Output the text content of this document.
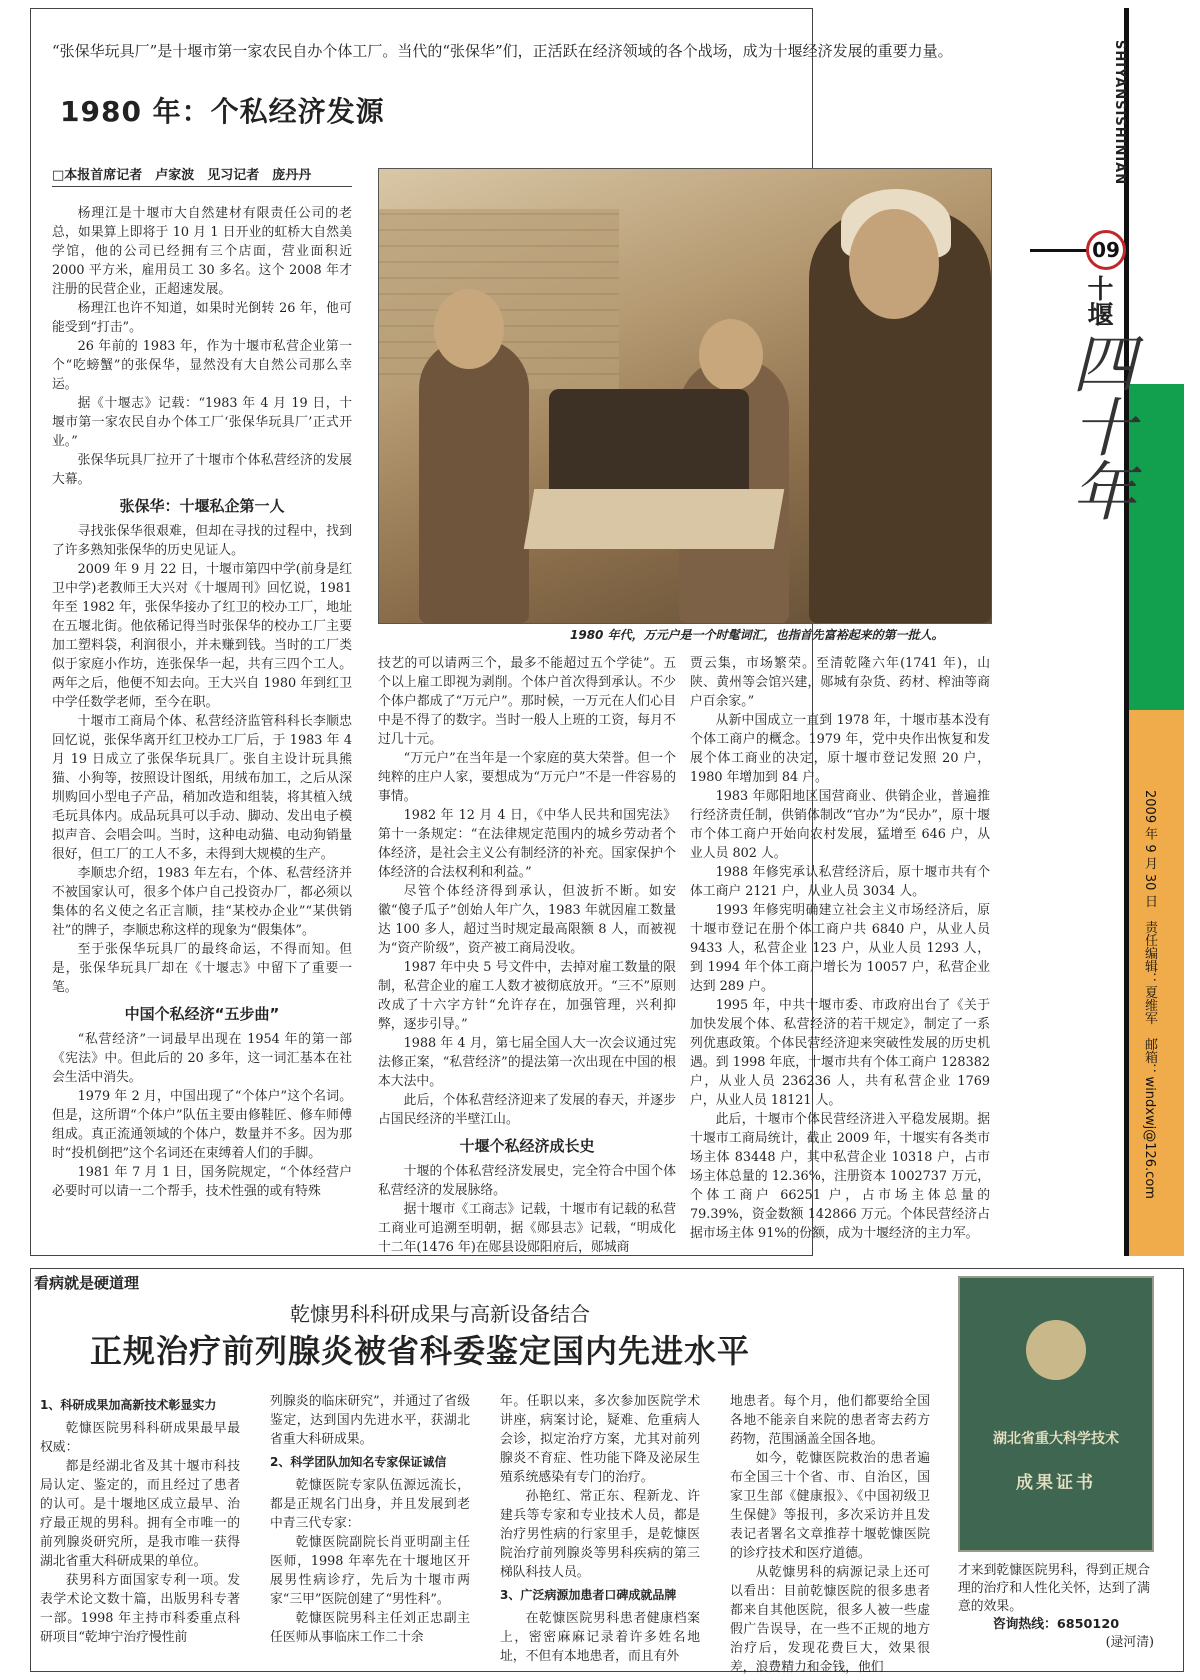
“张保华玩具厂”是十堰市第一家农民自办个体工厂。当代的“张保华”们，正活跃在经济领域的各个战场，成为十堰经济发展的重要力量。
1980 年：个私经济发源
□本报首席记者　卢家波　见习记者　庞丹丹

杨理江是十堰市大自然建材有限责任公司的老总，如果算上即将于 10 月 1 日开业的虹桥大自然美学馆，他的公司已经拥有三个店面，营业面积近 2000 平方米，雇用员工 30 多名。这个 2008 年才注册的民营企业，正超速发展。

杨理江也许不知道，如果时光倒转 26 年，他可能受到“打击”。

26 年前的 1983 年，作为十堰市私营企业第一个“吃螃蟹”的张保华，显然没有大自然公司那么幸运。

据《十堰志》记载：“1983 年 4 月 19 日，十堰市第一家农民自办个体工厂‘张保华玩具厂’正式开业。”

张保华玩具厂拉开了十堰市个体私营经济的发展大幕。

张保华：十堰私企第一人

寻找张保华很艰难，但却在寻找的过程中，找到了许多熟知张保华的历史见证人。

2009 年 9 月 22 日，十堰市第四中学(前身是红卫中学)老教师王大兴对《十堰周刊》回忆说，1981 年至 1982 年，张保华接办了红卫的校办工厂，地址在五堰北街。他依稀记得当时张保华的校办工厂主要加工塑料袋，利润很小，并未赚到钱。当时的工厂类似于家庭小作坊，连张保华一起，共有三四个工人。两年之后，他便不知去向。王大兴自 1980 年到红卫中学任数学老师，至今在职。

十堰市工商局个体、私营经济监管科科长李顺忠回忆说，张保华离开红卫校办工厂后，于 1983 年 4 月 19 日成立了张保华玩具厂。张自主设计玩具熊猫、小狗等，按照设计图纸，用绒布加工，之后从深圳购回小型电子产品，稍加改造和组装，将其植入绒毛玩具体内。成品玩具可以手动、脚动、发出电子模拟声音、会唱会叫。当时，这种电动猫、电动狗销量很好，但工厂的工人不多，未得到大规模的生产。

李顺忠介绍，1983 年左右，个体、私营经济并不被国家认可，很多个体户自己投资办厂，都必须以集体的名义使之名正言顺，挂“某校办企业”“某供销社”的牌子，李顺忠称这样的现象为“假集体”。

至于张保华玩具厂的最终命运，不得而知。但是，张保华玩具厂却在《十堰志》中留下了重要一笔。

中国个私经济“五步曲”

“私营经济”一词最早出现在 1954 年的第一部《宪法》中。但此后的 20 多年，这一词汇基本在社会生活中消失。

1979 年 2 月，中国出现了“个体户”这个名词。但是，这所谓“个体户”队伍主要由修鞋匠、修车师傅组成。真正流通领域的个体户，数量并不多。因为那时“投机倒把”这个名词还在束缚着人们的手脚。

1981 年 7 月 1 日，国务院规定，“个体经营户必要时可以请一二个帮手，技术性强的或有特殊

1980 年代，万元户是一个时髦词汇，也指首先富裕起来的第一批人。

技艺的可以请两三个，最多不能超过五个学徒”。五个以上雇工即视为剥削。个体户首次得到承认。不少个体户都成了“万元户”。那时候，一万元在人们心目中是不得了的数字。当时一般人上班的工资，每月不过几十元。

“万元户”在当年是一个家庭的莫大荣誉。但一个纯粹的庄户人家，要想成为“万元户”不是一件容易的事情。

1982 年 12 月 4 日，《中华人民共和国宪法》第十一条规定：“在法律规定范围内的城乡劳动者个体经济，是社会主义公有制经济的补充。国家保护个体经济的合法权利和利益。”

尽管个体经济得到承认，但波折不断。如安徽“傻子瓜子”创始人年广久，1983 年就因雇工数量达 100 多人，超过当时规定最高限额 8 人，而被视为“资产阶级”，资产被工商局没收。

1987 年中央 5 号文件中，去掉对雇工数量的限制，私营企业的雇工人数才被彻底放开。“三不”原则改成了十六字方针“允许存在，加强管理，兴利抑弊，逐步引导。”

1988 年 4 月，第七届全国人大一次会议通过宪法修正案，“私营经济”的提法第一次出现在中国的根本大法中。

此后，个体私营经济迎来了发展的春天，并逐步占国民经济的半壁江山。

十堰个私经济成长史

十堰的个体私营经济发展史，完全符合中国个体私营经济的发展脉络。

据十堰市《工商志》记载，十堰市有记载的私营工商业可追溯至明朝，据《郧县志》记载，“明成化十二年(1476 年)在郧县设郧阳府后，郧城商

贾云集，市场繁荣。至清乾隆六年(1741 年)，山陕、黄州等会馆兴建，郧城有杂货、药材、榨油等商户百余家。”

从新中国成立一直到 1978 年，十堰市基本没有个体工商户的概念。1979 年，党中央作出恢复和发展个体工商业的决定，原十堰市登记发照 20 户，1980 年增加到 84 户。

1983 年郧阳地区国营商业、供销企业，普遍推行经济责任制，供销体制改“官办”为“民办”，原十堰市个体工商户开始向农村发展，猛增至 646 户，从业人员 802 人。

1988 年修宪承认私营经济后，原十堰市共有个体工商户 2121 户，从业人员 3034 人。

1993 年修宪明确建立社会主义市场经济后，原十堰市登记在册个体工商户共 6840 户，从业人员 9433 人，私营企业 123 户，从业人员 1293 人，到 1994 年个体工商户增长为 10057 户，私营企业达到 289 户。

1995 年，中共十堰市委、市政府出台了《关于加快发展个体、私营经济的若干规定》，制定了一系列优惠政策。个体民营经济迎来突破性发展的历史机遇。到 1998 年底，十堰市共有个体工商户 128382 户，从业人员 236236 人，共有私营企业 1769 户，从业人员 18121 人。

此后，十堰市个体民营经济进入平稳发展期。据十堰市工商局统计，截止 2009 年，十堰实有各类市场主体 83448 户，其中私营企业 10318 户，占市场主体总量的 12.36%，注册资本 1002737 万元，个体工商户 66251 户，占市场主体总量的 79.39%，资金数额 142866 万元。个体民营经济占据市场主体 91%的份额，成为十堰经济的主力军。

SHIYANSISHINIAN
09
十堰
四十年
2009 年 9 月 30 日　责任编辑：夏维军　邮箱：windxwj@126.com
看病就是硬道理
乾慷男科科研成果与高新设备结合
正规治疗前列腺炎被省科委鉴定国内先进水平
1、科研成果加高新技术彰显实力

乾慷医院男科科研成果最早最权威：

都是经湖北省及其十堰市科技局认定、鉴定的，而且经过了患者的认可。是十堰地区成立最早、治疗最正规的男科。拥有全市唯一的前列腺炎研究所，是我市唯一获得湖北省重大科研成果的单位。

获男科方面国家专利一项。发表学术论文数十篇，出版男科专著一部。1998 年主持市科委重点科研项目“乾坤宁治疗慢性前

列腺炎的临床研究”，并通过了省级鉴定，达到国内先进水平，获湖北省重大科研成果。

2、科学团队加知名专家保证诚信

乾慷医院专家队伍源远流长，都是正规名门出身，并且发展到老中青三代专家：

乾慷医院副院长肖亚明副主任医师，1998 年率先在十堰地区开展男性病诊疗，先后为十堰市两家“三甲”医院创建了“男性科”。

乾慷医院男科主任刘正忠副主任医师从事临床工作二十余

年。任职以来，多次参加医院学术讲座，病案讨论，疑难、危重病人会诊，拟定治疗方案，尤其对前列腺炎不育症、性功能下降及泌尿生殖系统感染有专门的治疗。

孙艳红、常正东、程新龙、许建兵等专家和专业技术人员，都是治疗男性病的行家里手，是乾慷医院治疗前列腺炎等男科疾病的第三梯队科技人员。

3、广泛病源加患者口碑成就品牌

在乾慷医院男科患者健康档案上，密密麻麻记录着许多姓名地址，不但有本地患者，而且有外

地患者。每个月，他们都要给全国各地不能亲自来院的患者寄去药方药物，范围涵盖全国各地。

如今，乾慷医院救治的患者遍布全国三十个省、市、自治区，国家卫生部《健康报》、《中国初级卫生保健》等报刊，多次采访并且发表记者署名文章推荐十堰乾慷医院的诊疗技术和医疗道德。

从乾慷男科的病源记录上还可以看出：目前乾慷医院的很多患者都来自其他医院，很多人被一些虚假广告误导，在一些不正规的地方治疗后，发现花费巨大，效果很差，浪费精力和金钱，他们

湖北省重大科学技术
成果证书
才来到乾慷医院男科，得到正规合理的治疗和人性化关怀，达到了满意的效果。
咨询热线：6850120
(逯河清)
